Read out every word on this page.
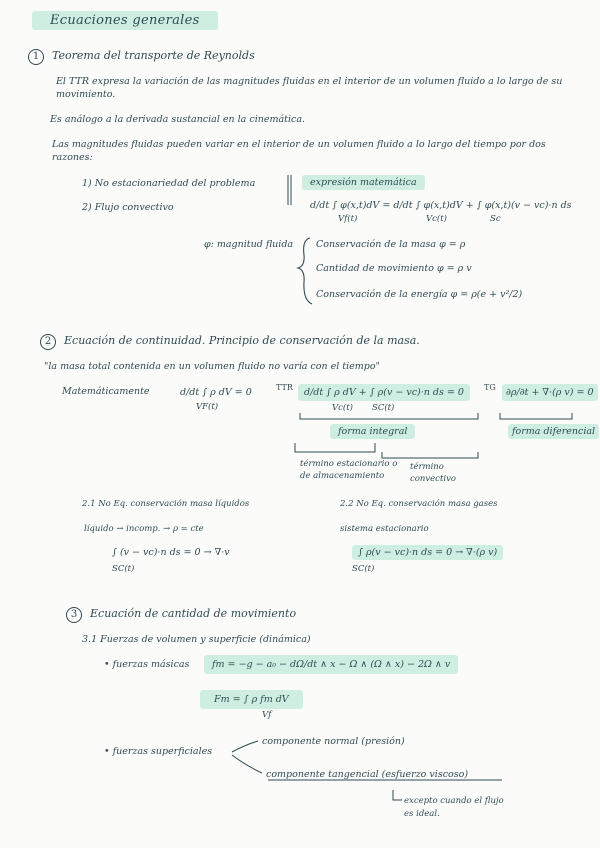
Ecuaciones generales
1 Teorema del transporte de Reynolds
El TTR expresa la variación de las magnitudes fluidas en el interior de un volumen fluido a lo largo de su movimiento.
Es análogo a la derivada sustancial en la cinemática.
Las magnitudes fluidas pueden variar en el interior de un volumen fluido a lo largo del tiempo por dos razones:
1) No estacionariedad del problema
2) Flujo convectivo
expresión matemática
d/dt ∫ φ(x,t)dV = d/dt ∫ φ(x,t)dV + ∫ φ(x,t)(v − vc)·n ds
Vf(t)	Vc(t)	Sc
φ: magnitud fluida Conservación de la masa φ = ρ
Cantidad de movimiento φ = ρ v
Conservación de la energía φ = ρ(e + v²/2)
2 Ecuación de continuidad. Principio de conservación de la masa.
"la masa total contenida en un volumen fluido no varía con el tiempo"
Matemáticamente	d/dt ∫ ρ dV = 0
VF(t)
TTR	d/dt ∫ ρ dV + ∫ ρ(v − vc)·n ds = 0
Vc(t) SC(t)
TG	∂ρ/∂t + ∇·(ρ v) = 0
forma integral	forma diferencial
término estacionario o de almacenamiento
término convectivo
2.1 No Eq. conservación masa líquidos
líquido → incomp. → ρ = cte
∫ (v − vc)·n ds = 0 → ∇·v
SC(t)
2.2 No Eq. conservación masa gases
sistema estacionario
∫ ρ(v − vc)·n ds = 0 → ∇·(ρ v)
SC(t)
3 Ecuación de cantidad de movimiento
3.1 Fuerzas de volumen y superficie (dinámica)
• fuerzas másicas	fm = −g − a₀ − dΩ/dt ∧ x − Ω ∧ (Ω ∧ x) − 2Ω ∧ v
Fm = ∫ ρ fm dV
Vf
• fuerzas superficiales
componente normal (presión)
componente tangencial (esfuerzo viscoso)
excepto cuando el flujo es ideal.
